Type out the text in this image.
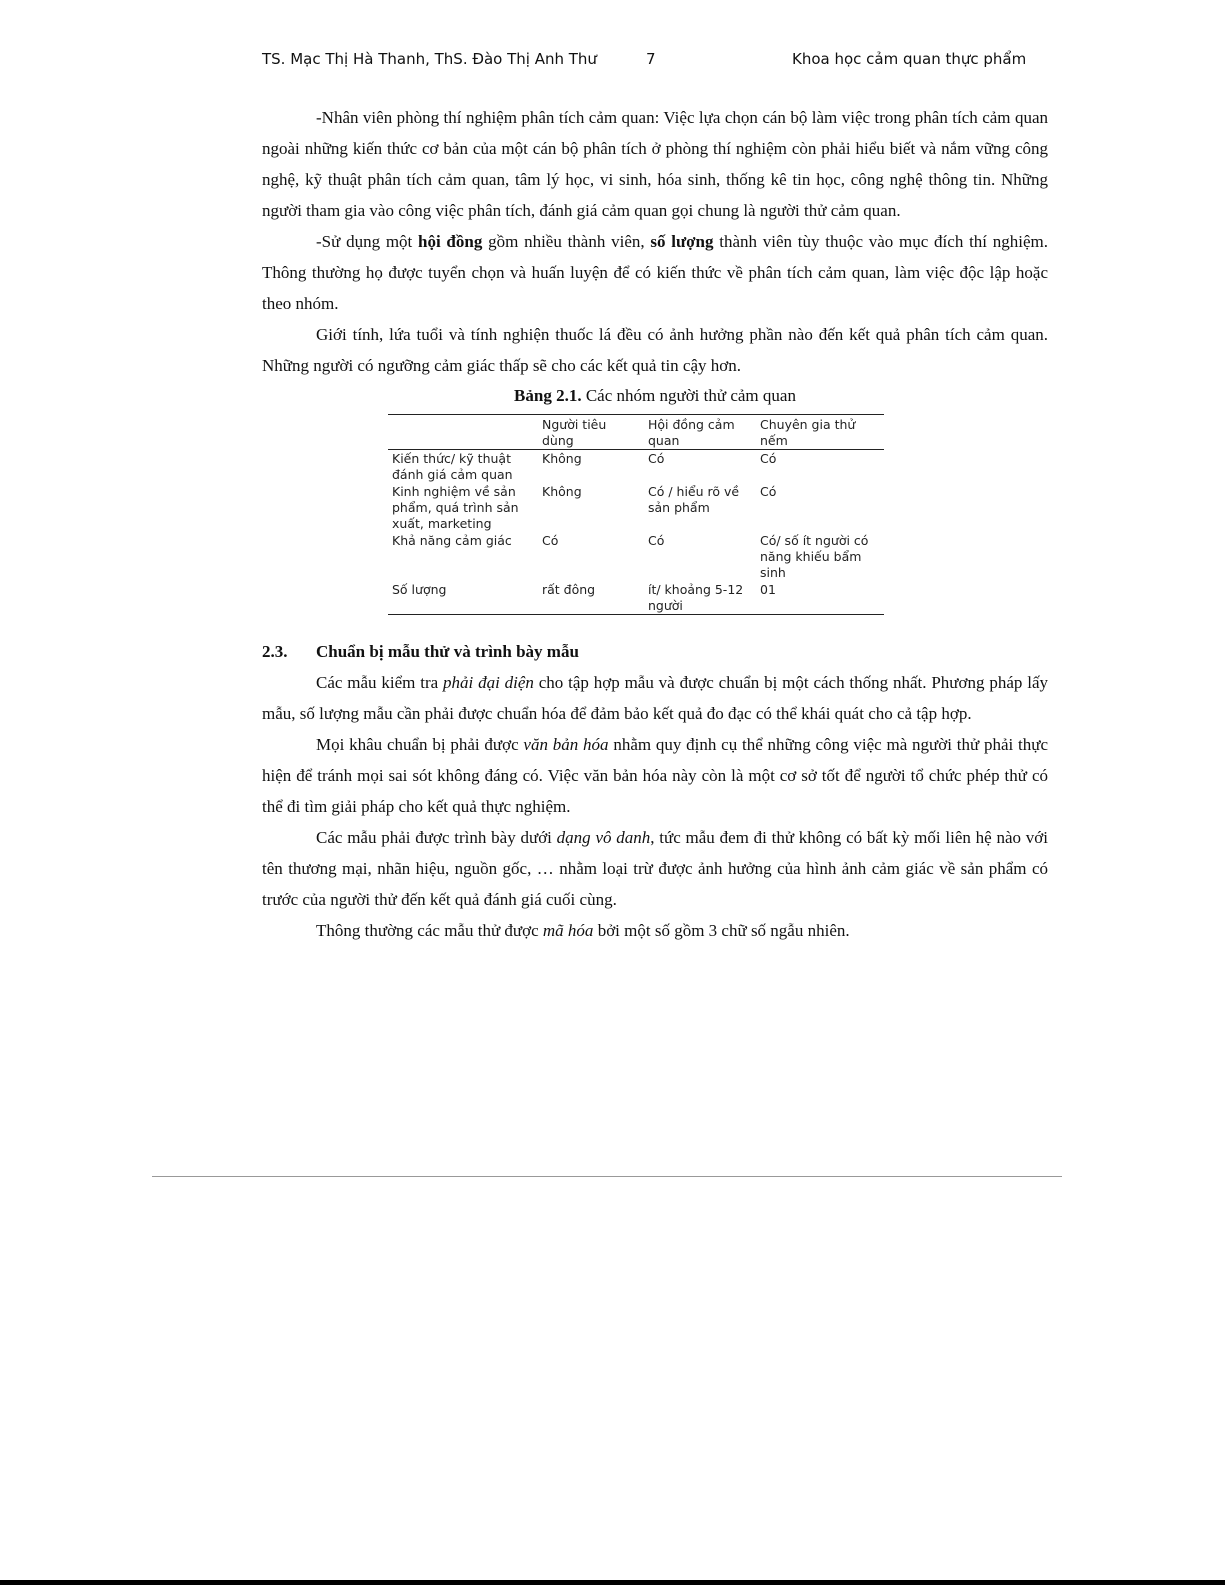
TS. Mạc Thị Hà Thanh, ThS. Đào Thị Anh Thư	7	Khoa học cảm quan thực phẩm

-Nhân viên phòng thí nghiệm phân tích cảm quan: Việc lựa chọn cán bộ làm việc trong phân tích cảm quan ngoài những kiến thức cơ bản của một cán bộ phân tích ở phòng thí nghiệm còn phải hiểu biết và nắm vững công nghệ, kỹ thuật phân tích cảm quan, tâm lý học, vi sinh, hóa sinh, thống kê tin học, công nghệ thông tin. Những người tham gia vào công việc phân tích, đánh giá cảm quan gọi chung là người thử cảm quan.

-Sử dụng một hội đồng gồm nhiều thành viên, số lượng thành viên tùy thuộc vào mục đích thí nghiệm. Thông thường họ được tuyển chọn và huấn luyện để có kiến thức về phân tích cảm quan, làm việc độc lập hoặc theo nhóm.

Giới tính, lứa tuổi và tính nghiện thuốc lá đều có ảnh hưởng phần nào đến kết quả phân tích cảm quan. Những người có ngưỡng cảm giác thấp sẽ cho các kết quả tin cậy hơn.

Bảng 2.1. Các nhóm người thử cảm quan

	Người tiêu dùng	Hội đồng cảm quan	Chuyên gia thử nếm
Kiến thức/ kỹ thuật đánh giá cảm quan	Không	Có	Có
Kinh nghiệm về sản phẩm, quá trình sản xuất, marketing	Không	Có / hiểu rõ về sản phẩm	Có
Khả năng cảm giác	Có	Có	Có/ số ít người có năng khiếu bẩm sinh
Số lượng	rất đông	ít/ khoảng 5-12 người	01

2.3. Chuẩn bị mẫu thử và trình bày mẫu

Các mẫu kiểm tra phải đại diện cho tập hợp mẫu và được chuẩn bị một cách thống nhất. Phương pháp lấy mẫu, số lượng mẫu cần phải được chuẩn hóa để đảm bảo kết quả đo đạc có thể khái quát cho cả tập hợp.

Mọi khâu chuẩn bị phải được văn bản hóa nhằm quy định cụ thể những công việc mà người thử phải thực hiện để tránh mọi sai sót không đáng có. Việc văn bản hóa này còn là một cơ sở tốt để người tổ chức phép thử có thể đi tìm giải pháp cho kết quả thực nghiệm.

Các mẫu phải được trình bày dưới dạng vô danh, tức mẫu đem đi thử không có bất kỳ mối liên hệ nào với tên thương mại, nhãn hiệu, nguồn gốc, … nhằm loại trừ được ảnh hưởng của hình ảnh cảm giác về sản phẩm có trước của người thử đến kết quả đánh giá cuối cùng.

Thông thường các mẫu thử được mã hóa bởi một số gồm 3 chữ số ngẫu nhiên.
